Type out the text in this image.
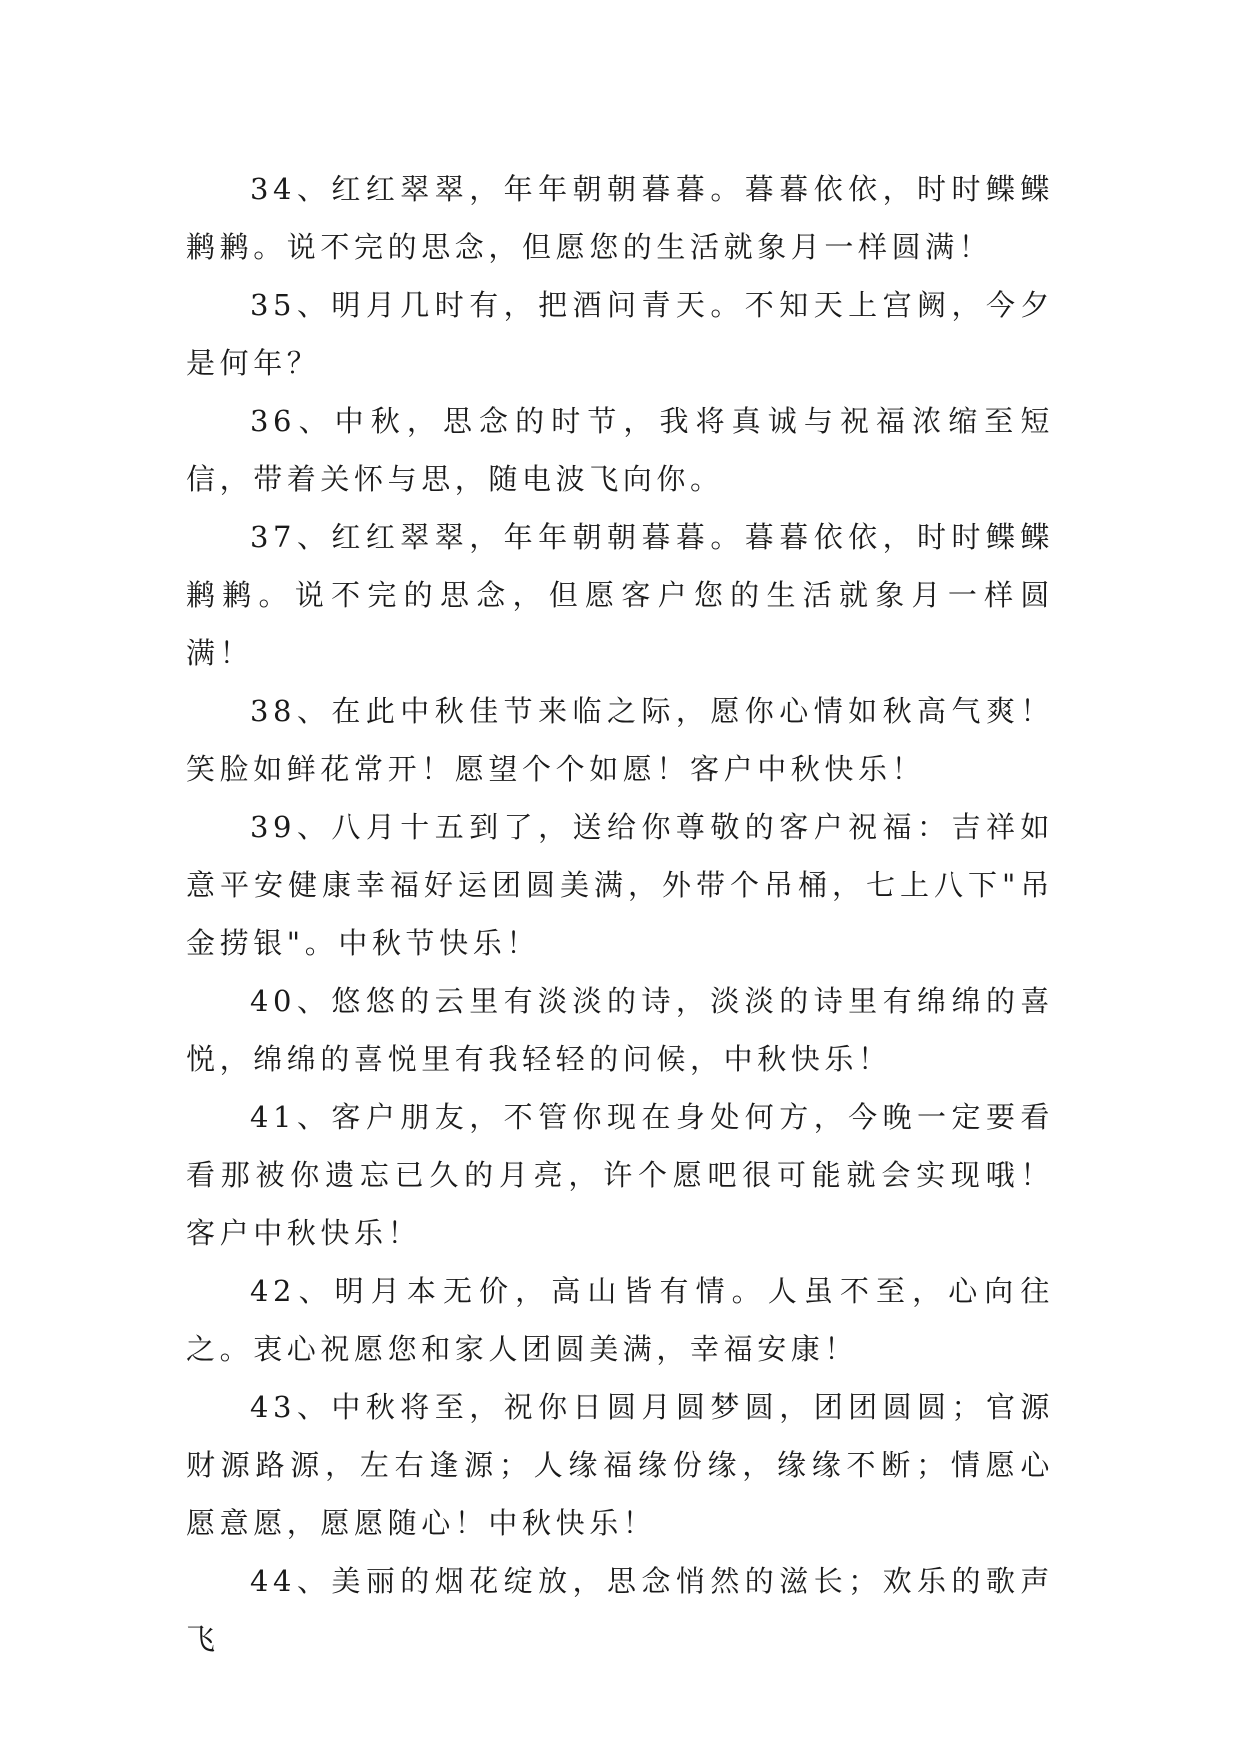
34、红红翠翠，年年朝朝暮暮。暮暮依依，时时鲽鲽鹣鹣。说不完的思念，但愿您的生活就象月一样圆满！

35、明月几时有，把酒问青天。不知天上宫阙，今夕是何年？

36、中秋，思念的时节，我将真诚与祝福浓缩至短信，带着关怀与思，随电波飞向你。

37、红红翠翠，年年朝朝暮暮。暮暮依依，时时鲽鲽鹣鹣。说不完的思念，但愿客户您的生活就象月一样圆满！

38、在此中秋佳节来临之际，愿你心情如秋高气爽！笑脸如鲜花常开！愿望个个如愿！客户中秋快乐！

39、八月十五到了，送给你尊敬的客户祝福：吉祥如意平安健康幸福好运团圆美满，外带个吊桶，七上八下"吊金捞银"。中秋节快乐！

40、悠悠的云里有淡淡的诗，淡淡的诗里有绵绵的喜悦，绵绵的喜悦里有我轻轻的问候，中秋快乐！

41、客户朋友，不管你现在身处何方，今晚一定要看看那被你遗忘已久的月亮，许个愿吧很可能就会实现哦！客户中秋快乐！

42、明月本无价，高山皆有情。人虽不至，心向往之。衷心祝愿您和家人团圆美满，幸福安康！

43、中秋将至，祝你日圆月圆梦圆，团团圆圆；官源财源路源，左右逢源；人缘福缘份缘，缘缘不断；情愿心愿意愿，愿愿随心！中秋快乐！

44、美丽的烟花绽放，思念悄然的滋长；欢乐的歌声飞
